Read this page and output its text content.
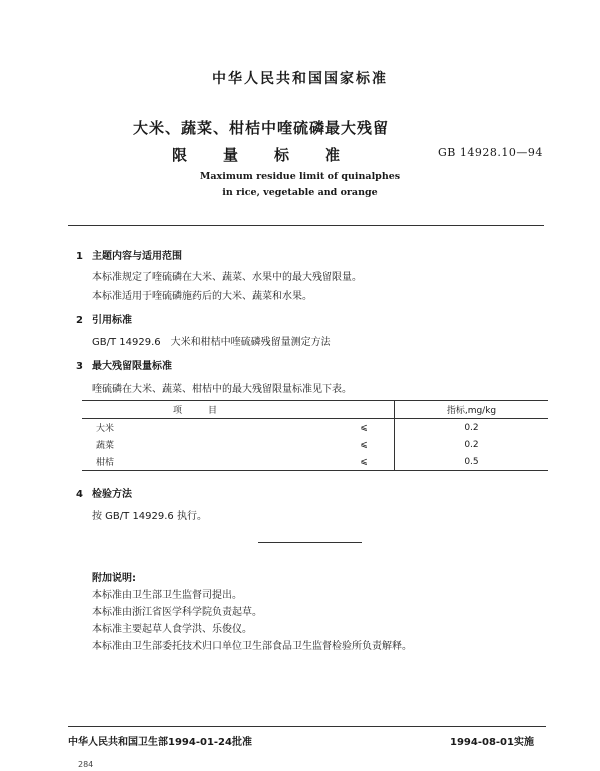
中华人民共和国国家标准
大米、蔬菜、柑桔中喹硫磷最大残留
限量标准	GB 14928.10—94
Maximum residue limit of quinalphes
in rice, vegetable and orange
1 主题内容与适用范围
本标准规定了喹硫磷在大米、蔬菜、水果中的最大残留限量。
本标准适用于喹硫磷施药后的大米、蔬菜和水果。
2 引用标准
GB/T 14929.6 大米和柑桔中喹硫磷残留量测定方法
3 最大残留限量标准
喹硫磷在大米、蔬菜、柑桔中的最大残留限量标准见下表。
项目		指标,mg/kg
大米	⩽	0.2
蔬菜	⩽	0.2
柑桔	⩽	0.5
4 检验方法
按 GB/T 14929.6 执行。
附加说明:
本标准由卫生部卫生监督司提出。
本标准由浙江省医学科学院负责起草。
本标准主要起草人食学洪、乐俊仪。
本标准由卫生部委托技术归口单位卫生部食品卫生监督检验所负责解释。
中华人民共和国卫生部1994-01-24批准	1994-08-01实施
284
